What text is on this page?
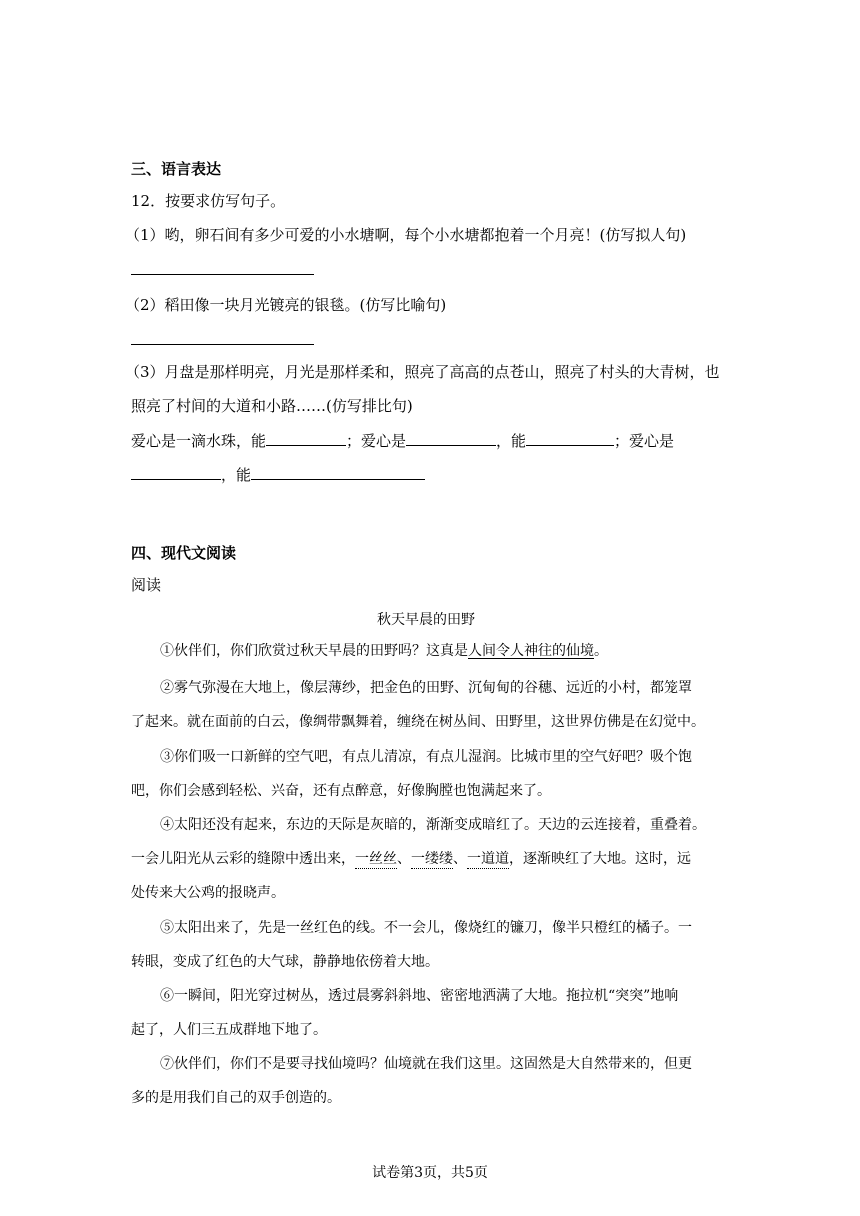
三、语言表达
12．按要求仿写句子。
（1）哟，卵石间有多少可爱的小水塘啊，每个小水塘都抱着一个月亮！(仿写拟人句)
（2）稻田像一块月光镀亮的银毯。(仿写比喻句)
（3）月盘是那样明亮，月光是那样柔和，照亮了高高的点苍山，照亮了村头的大青树，也
照亮了村间的大道和小路……(仿写排比句)
爱心是一滴水珠，能	；爱心是	，能	；爱心是
，能
四、现代文阅读
阅读
秋天早晨的田野
①伙伴们，你们欣赏过秋天早晨的田野吗？这真是人间令人神往的仙境。
②雾气弥漫在大地上，像层薄纱，把金色的田野、沉甸甸的谷穗、远近的小村，都笼罩
了起来。就在面前的白云，像绸带飘舞着，缠绕在树丛间、田野里，这世界仿佛是在幻觉中。
③你们吸一口新鲜的空气吧，有点儿清凉，有点儿湿润。比城市里的空气好吧？吸个饱
吧，你们会感到轻松、兴奋，还有点醉意，好像胸膛也饱满起来了。
④太阳还没有起来，东边的天际是灰暗的，渐渐变成暗红了。天边的云连接着，重叠着。
一会儿阳光从云彩的缝隙中透出来，一丝丝、一缕缕、一道道，逐渐映红了大地。这时，远
处传来大公鸡的报晓声。
⑤太阳出来了，先是一丝红色的线。不一会儿，像烧红的镰刀，像半只橙红的橘子。一
转眼，变成了红色的大气球，静静地依傍着大地。
⑥一瞬间，阳光穿过树丛，透过晨雾斜斜地、密密地洒满了大地。拖拉机“突突”地响
起了，人们三五成群地下地了。
⑦伙伴们，你们不是要寻找仙境吗？仙境就在我们这里。这固然是大自然带来的，但更
多的是用我们自己的双手创造的。
试卷第3页，共5页
